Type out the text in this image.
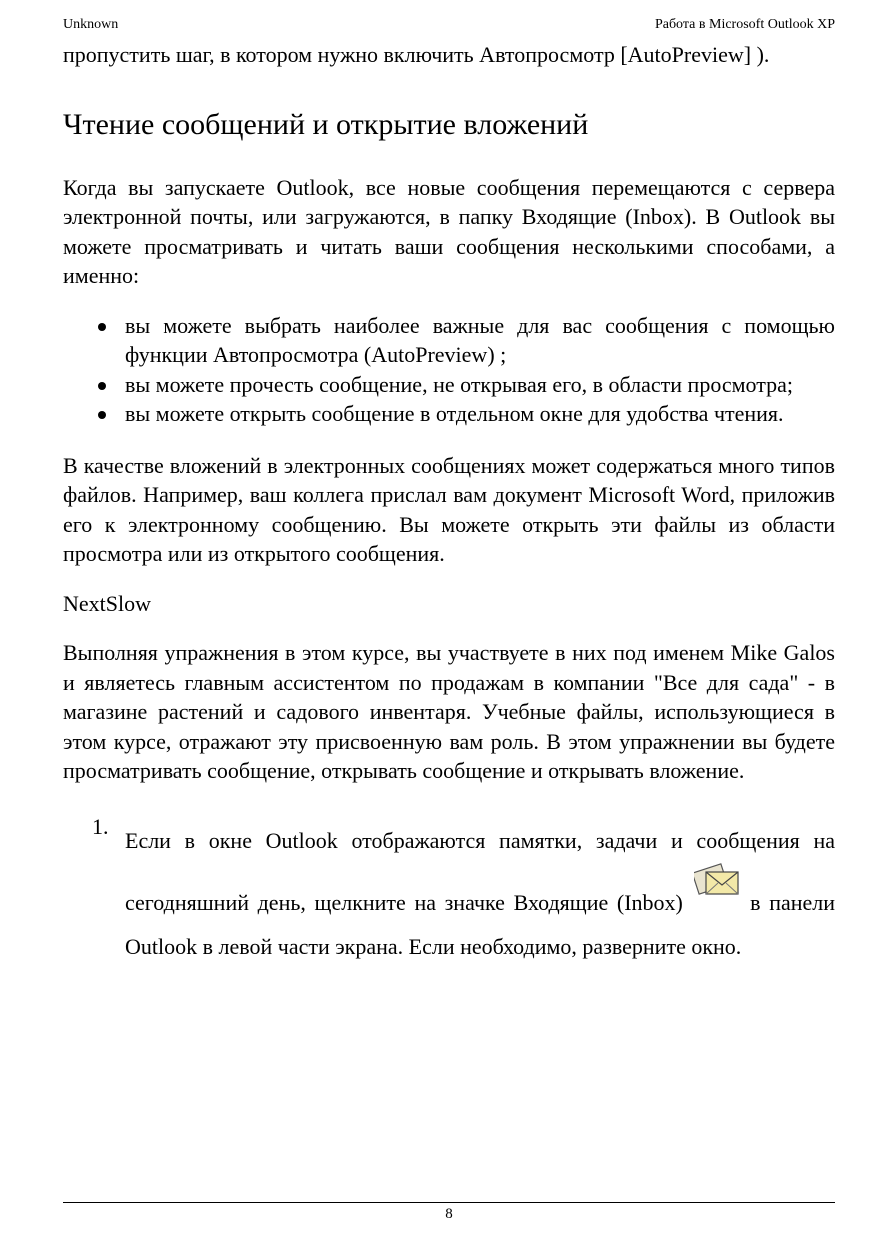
Unknown	Работа в Microsoft Outlook XP

пропустить шаг, в котором нужно включить Автопросмотр [AutoPreview] ).

Чтение сообщений и открытие вложений

Когда вы запускаете Outlook, все новые сообщения перемещаются с сервера электронной почты, или загружаются, в папку Входящие (Inbox). В Outlook вы можете просматривать и читать ваши сообщения несколькими способами, а именно:

вы можете выбрать наиболее важные для вас сообщения с помощью функции Автопросмотра (AutoPreview) ;
вы можете прочесть сообщение, не открывая его, в области просмотра;
вы можете открыть сообщение в отдельном окне для удобства чтения.

В качестве вложений в электронных сообщениях может содержаться много типов файлов. Например, ваш коллега прислал вам документ Microsoft Word, приложив его к электронному сообщению. Вы можете открыть эти файлы из области просмотра или из открытого сообщения.

NextSlow

Выполняя упражнения в этом курсе, вы участвуете в них под именем Mike Galos и являетесь главным ассистентом по продажам в компании "Все для сада" - в магазине растений и садового инвентаря. Учебные файлы, использующиеся в этом курсе, отражают эту присвоенную вам роль. В этом упражнении вы будете просматривать сообщение, открывать сообщение и открывать вложение.

1.
Если в окне Outlook отображаются памятки, задачи и сообщения на сегодняшний день, щелкните на значке Входящие (Inbox)	в панели Outlook в левой части экрана. Если необходимо, разверните окно.
8
